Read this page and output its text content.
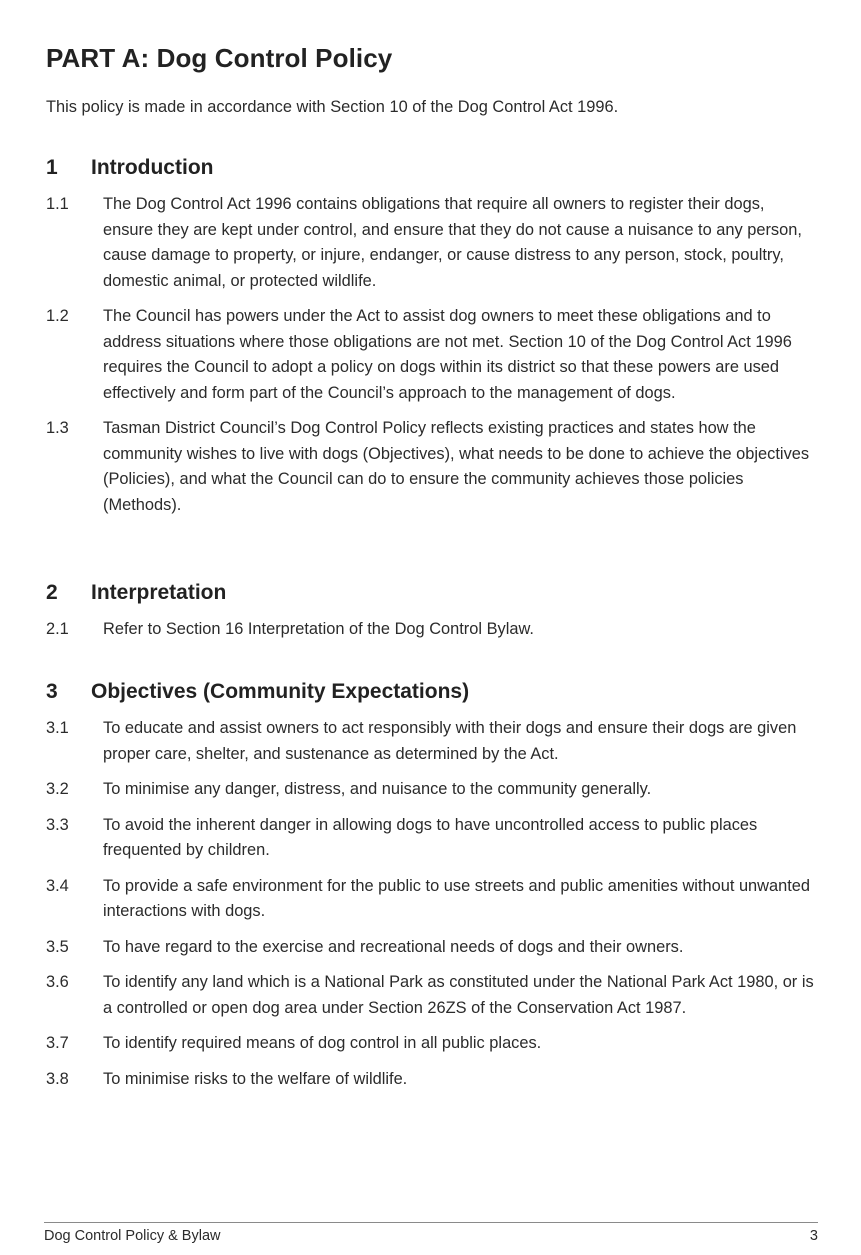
PART A: Dog Control Policy

This policy is made in accordance with Section 10 of the Dog Control Act 1996.

1	Introduction
1.1	The Dog Control Act 1996 contains obligations that require all owners to register their dogs, ensure they are kept under control, and ensure that they do not cause a nuisance to any person, cause damage to property, or injure, endanger, or cause distress to any person, stock, poultry, domestic animal, or protected wildlife.
1.2	The Council has powers under the Act to assist dog owners to meet these obligations and to address situations where those obligations are not met. Section 10 of the Dog Control Act 1996 requires the Council to adopt a policy on dogs within its district so that these powers are used effectively and form part of the Council’s approach to the management of dogs.
1.3	Tasman District Council’s Dog Control Policy reflects existing practices and states how the community wishes to live with dogs (Objectives), what needs to be done to achieve the objectives (Policies), and what the Council can do to ensure the community achieves those policies (Methods).
2	Interpretation
2.1	Refer to Section 16 Interpretation of the Dog Control Bylaw.
3	Objectives (Community Expectations)
3.1	To educate and assist owners to act responsibly with their dogs and ensure their dogs are given proper care, shelter, and sustenance as determined by the Act.
3.2	To minimise any danger, distress, and nuisance to the community generally.
3.3	To avoid the inherent danger in allowing dogs to have uncontrolled access to public places frequented by children.
3.4	To provide a safe environment for the public to use streets and public amenities without unwanted interactions with dogs.
3.5	To have regard to the exercise and recreational needs of dogs and their owners.
3.6	To identify any land which is a National Park as constituted under the National Park Act 1980, or is a controlled or open dog area under Section 26ZS of the Conservation Act 1987.
3.7	To identify required means of dog control in all public places.
3.8	To minimise risks to the welfare of wildlife.
Dog Control Policy & Bylaw	3
